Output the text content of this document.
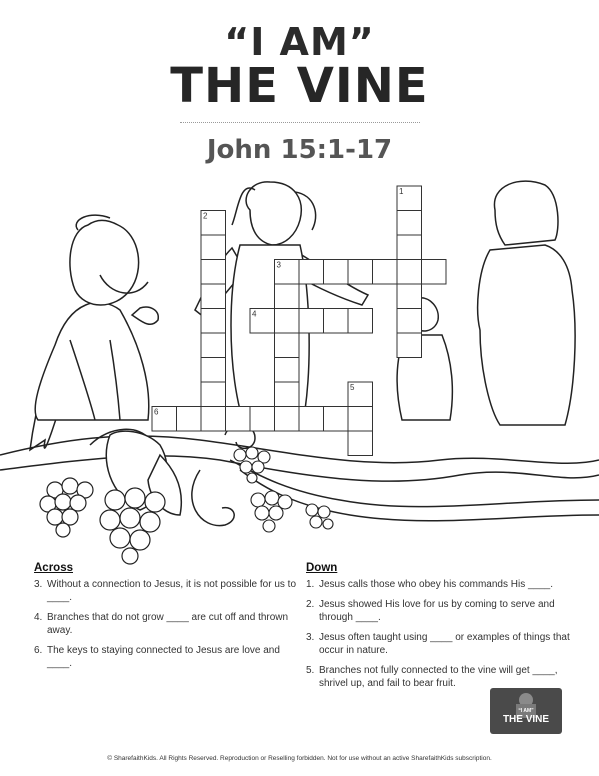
“I AM”
THE VINE
John 15:1-17
1
2
3
4
5
6
Across
3. Without a connection to Jesus, it is not possible for us to ____.
4. Branches that do not grow ____ are cut off and thrown away.
6. The keys to staying connected to Jesus are love and ____.
Down
1. Jesus calls those who obey his commands His ____.
2. Jesus showed His love for us by coming to serve and through ____.
3. Jesus often taught using ____ or examples of things that occur in nature.
5. Branches not fully connected to the vine will get ____, shrivel up, and fail to bear fruit.
“I AM”
THE VINE
© SharefaithKids. All Rights Reserved. Reproduction or Reselling forbidden. Not for use without an active SharefaithKids subscription.
